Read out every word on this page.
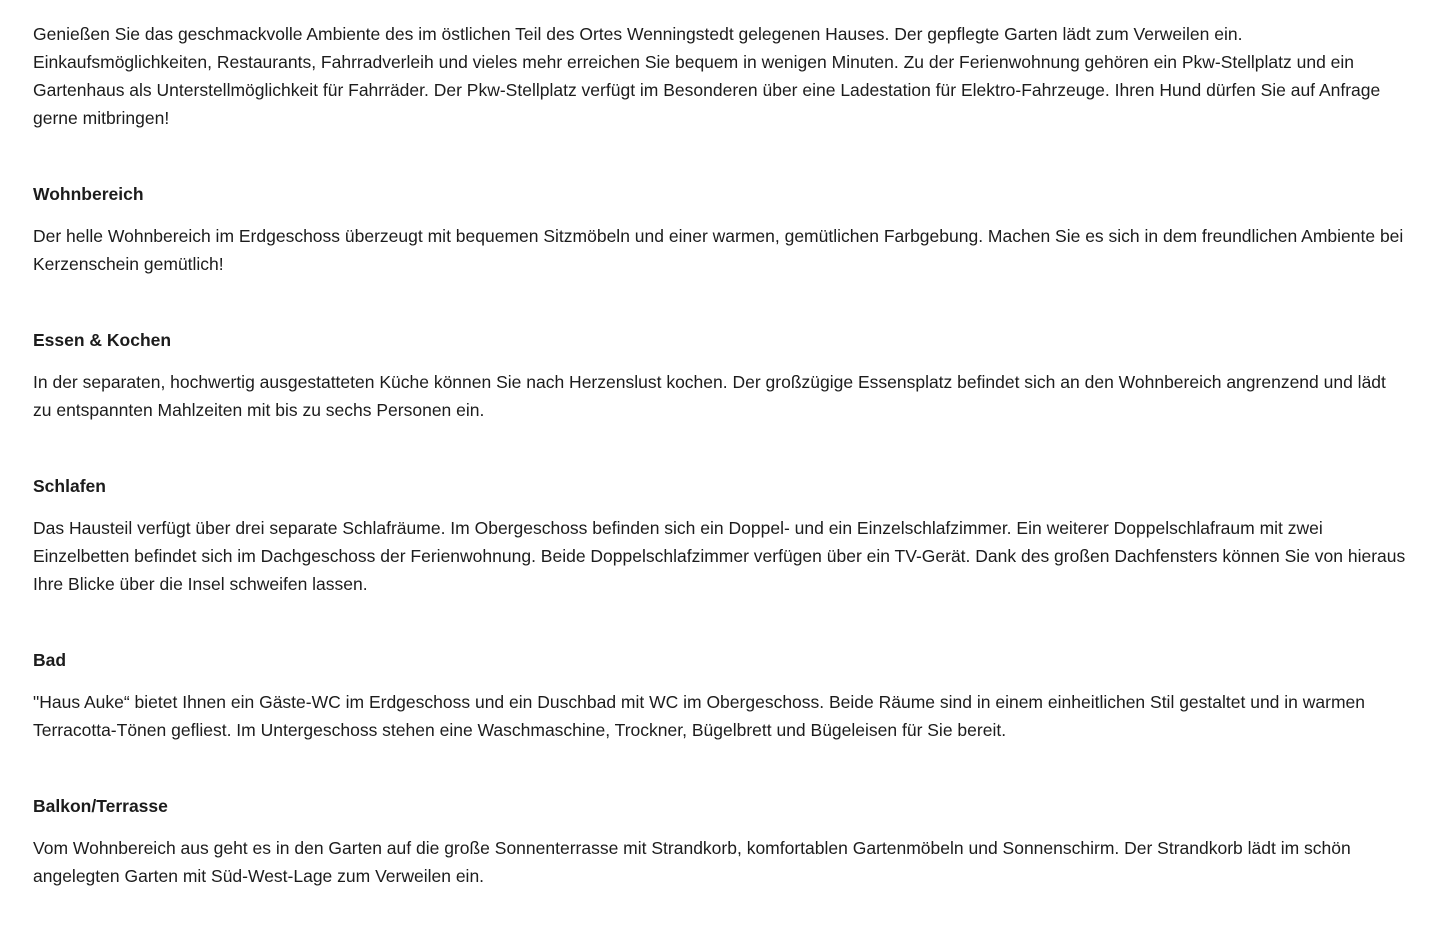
Genießen Sie das geschmackvolle Ambiente des im östlichen Teil des Ortes Wenningstedt gelegenen Hauses. Der gepflegte Garten lädt zum Verweilen ein. Einkaufsmöglichkeiten, Restaurants, Fahrradverleih und vieles mehr erreichen Sie bequem in wenigen Minuten. Zu der Ferienwohnung gehören ein Pkw-Stellplatz und ein Gartenhaus als Unterstellmöglichkeit für Fahrräder. Der Pkw-Stellplatz verfügt im Besonderen über eine Ladestation für Elektro-Fahrzeuge. Ihren Hund dürfen Sie auf Anfrage gerne mitbringen!

Wohnbereich

Der helle Wohnbereich im Erdgeschoss überzeugt mit bequemen Sitzmöbeln und einer warmen, gemütlichen Farbgebung. Machen Sie es sich in dem freundlichen Ambiente bei Kerzenschein gemütlich!

Essen & Kochen

In der separaten, hochwertig ausgestatteten Küche können Sie nach Herzenslust kochen. Der großzügige Essensplatz befindet sich an den Wohnbereich angrenzend und lädt zu entspannten Mahlzeiten mit bis zu sechs Personen ein.

Schlafen

Das Hausteil verfügt über drei separate Schlafräume. Im Obergeschoss befinden sich ein Doppel- und ein Einzelschlafzimmer. Ein weiterer Doppelschlafraum mit zwei Einzelbetten befindet sich im Dachgeschoss der Ferienwohnung. Beide Doppelschlafzimmer verfügen über ein TV-Gerät. Dank des großen Dachfensters können Sie von hieraus Ihre Blicke über die Insel schweifen lassen.

Bad

"Haus Auke“ bietet Ihnen ein Gäste-WC im Erdgeschoss und ein Duschbad mit WC im Obergeschoss. Beide Räume sind in einem einheitlichen Stil gestaltet und in warmen Terracotta-Tönen gefliest. Im Untergeschoss stehen eine Waschmaschine, Trockner, Bügelbrett und Bügeleisen für Sie bereit.

Balkon/Terrasse

Vom Wohnbereich aus geht es in den Garten auf die große Sonnenterrasse mit Strandkorb, komfortablen Gartenmöbeln und Sonnenschirm. Der Strandkorb lädt im schön angelegten Garten mit Süd-West-Lage zum Verweilen ein.
